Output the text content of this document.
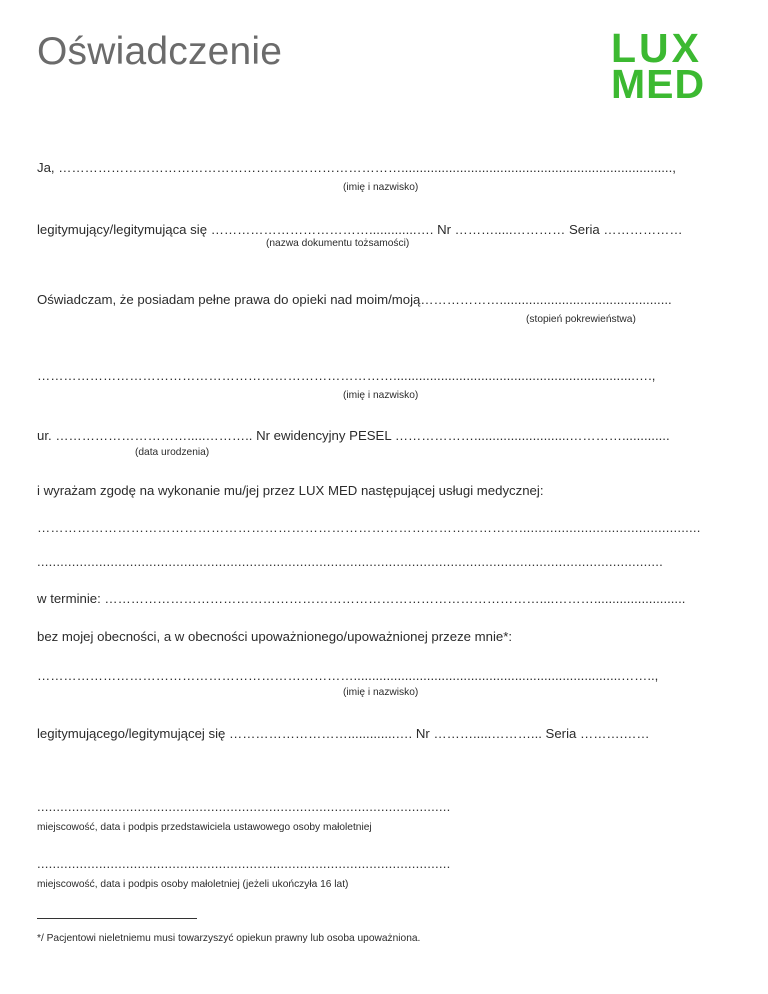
Oświadczenie	LUX
MED
Ja, ……………………………………………………………………..........................................................................,
(imię i nazwisko)
legitymujący/legitymująca się ……………………………….............…. Nr ……….....………… Seria ………………
(nazwa dokumentu tożsamości)
Oświadczam, że posiadam pełne prawa do opieki nad moim/moją………………...............................................
(stopień pokrewieństwa)
………………………………………………………………………..................................................................….,
(imię i nazwisko)
ur. ………………………….....……….. Nr ewidencyjny PESEL ………………..........................………….............
(data urodzenia)
i wyrażam zgodę na wykonanie mu/jej przez LUX MED następującej usługi medycznej:
………………………………………………………………………………………………...............................................
..................................................................................................................................................................
w terminie: ………………………………………………………………………………………....……….........................
bez mojej obecności, a w obecności upoważnionego/upoważnionej przeze mnie*:
……………………………………………………………….........................................................................……..,
(imię i nazwisko)
legitymującego/legitymującej się ……………………….............…. Nr ……….....………... Seria ……….……
...........................................................................................................
miejscowość, data i podpis przedstawiciela ustawowego osoby małoletniej
...........................................................................................................
miejscowość, data i podpis osoby małoletniej (jeżeli ukończyła 16 lat)
*/ Pacjentowi nieletniemu musi towarzyszyć opiekun prawny lub osoba upoważniona.
